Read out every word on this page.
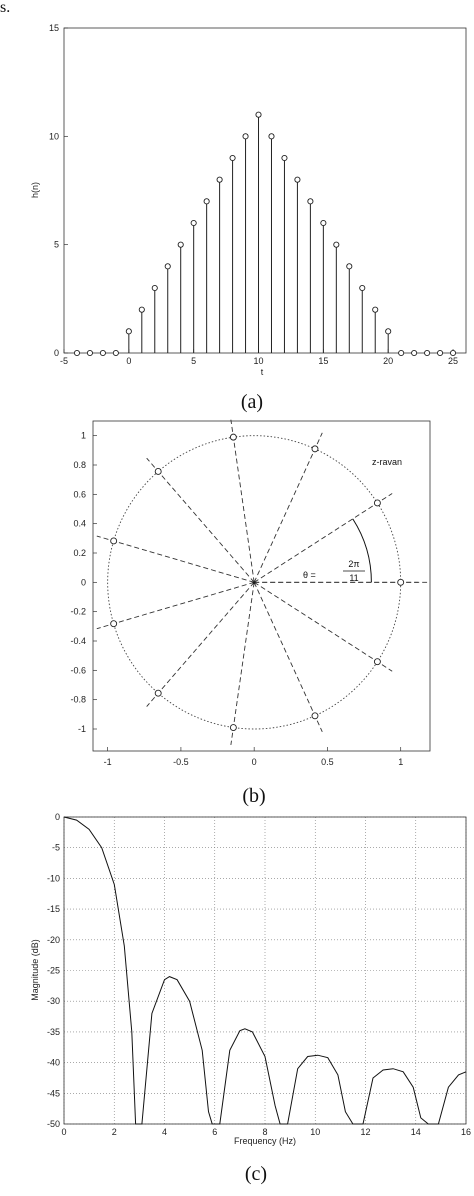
s.
-5	0	5	10	15	20	25
0
5
10
15
t
h(n)
(a)
*
-1	-0.5	0	0.5	1
1
0.8
0.6
0.4
0.2
0
-0.2
-0.4
-0.6
-0.8
-1
z-ravan
θ =
2π
11
(b)
0	2	4	6	8	10	12	14	16
0
-5
-10
-15
-20
-25
-30
-35
-40
-45
-50
Frequency (Hz)
Magnitude (dB)
(c)
